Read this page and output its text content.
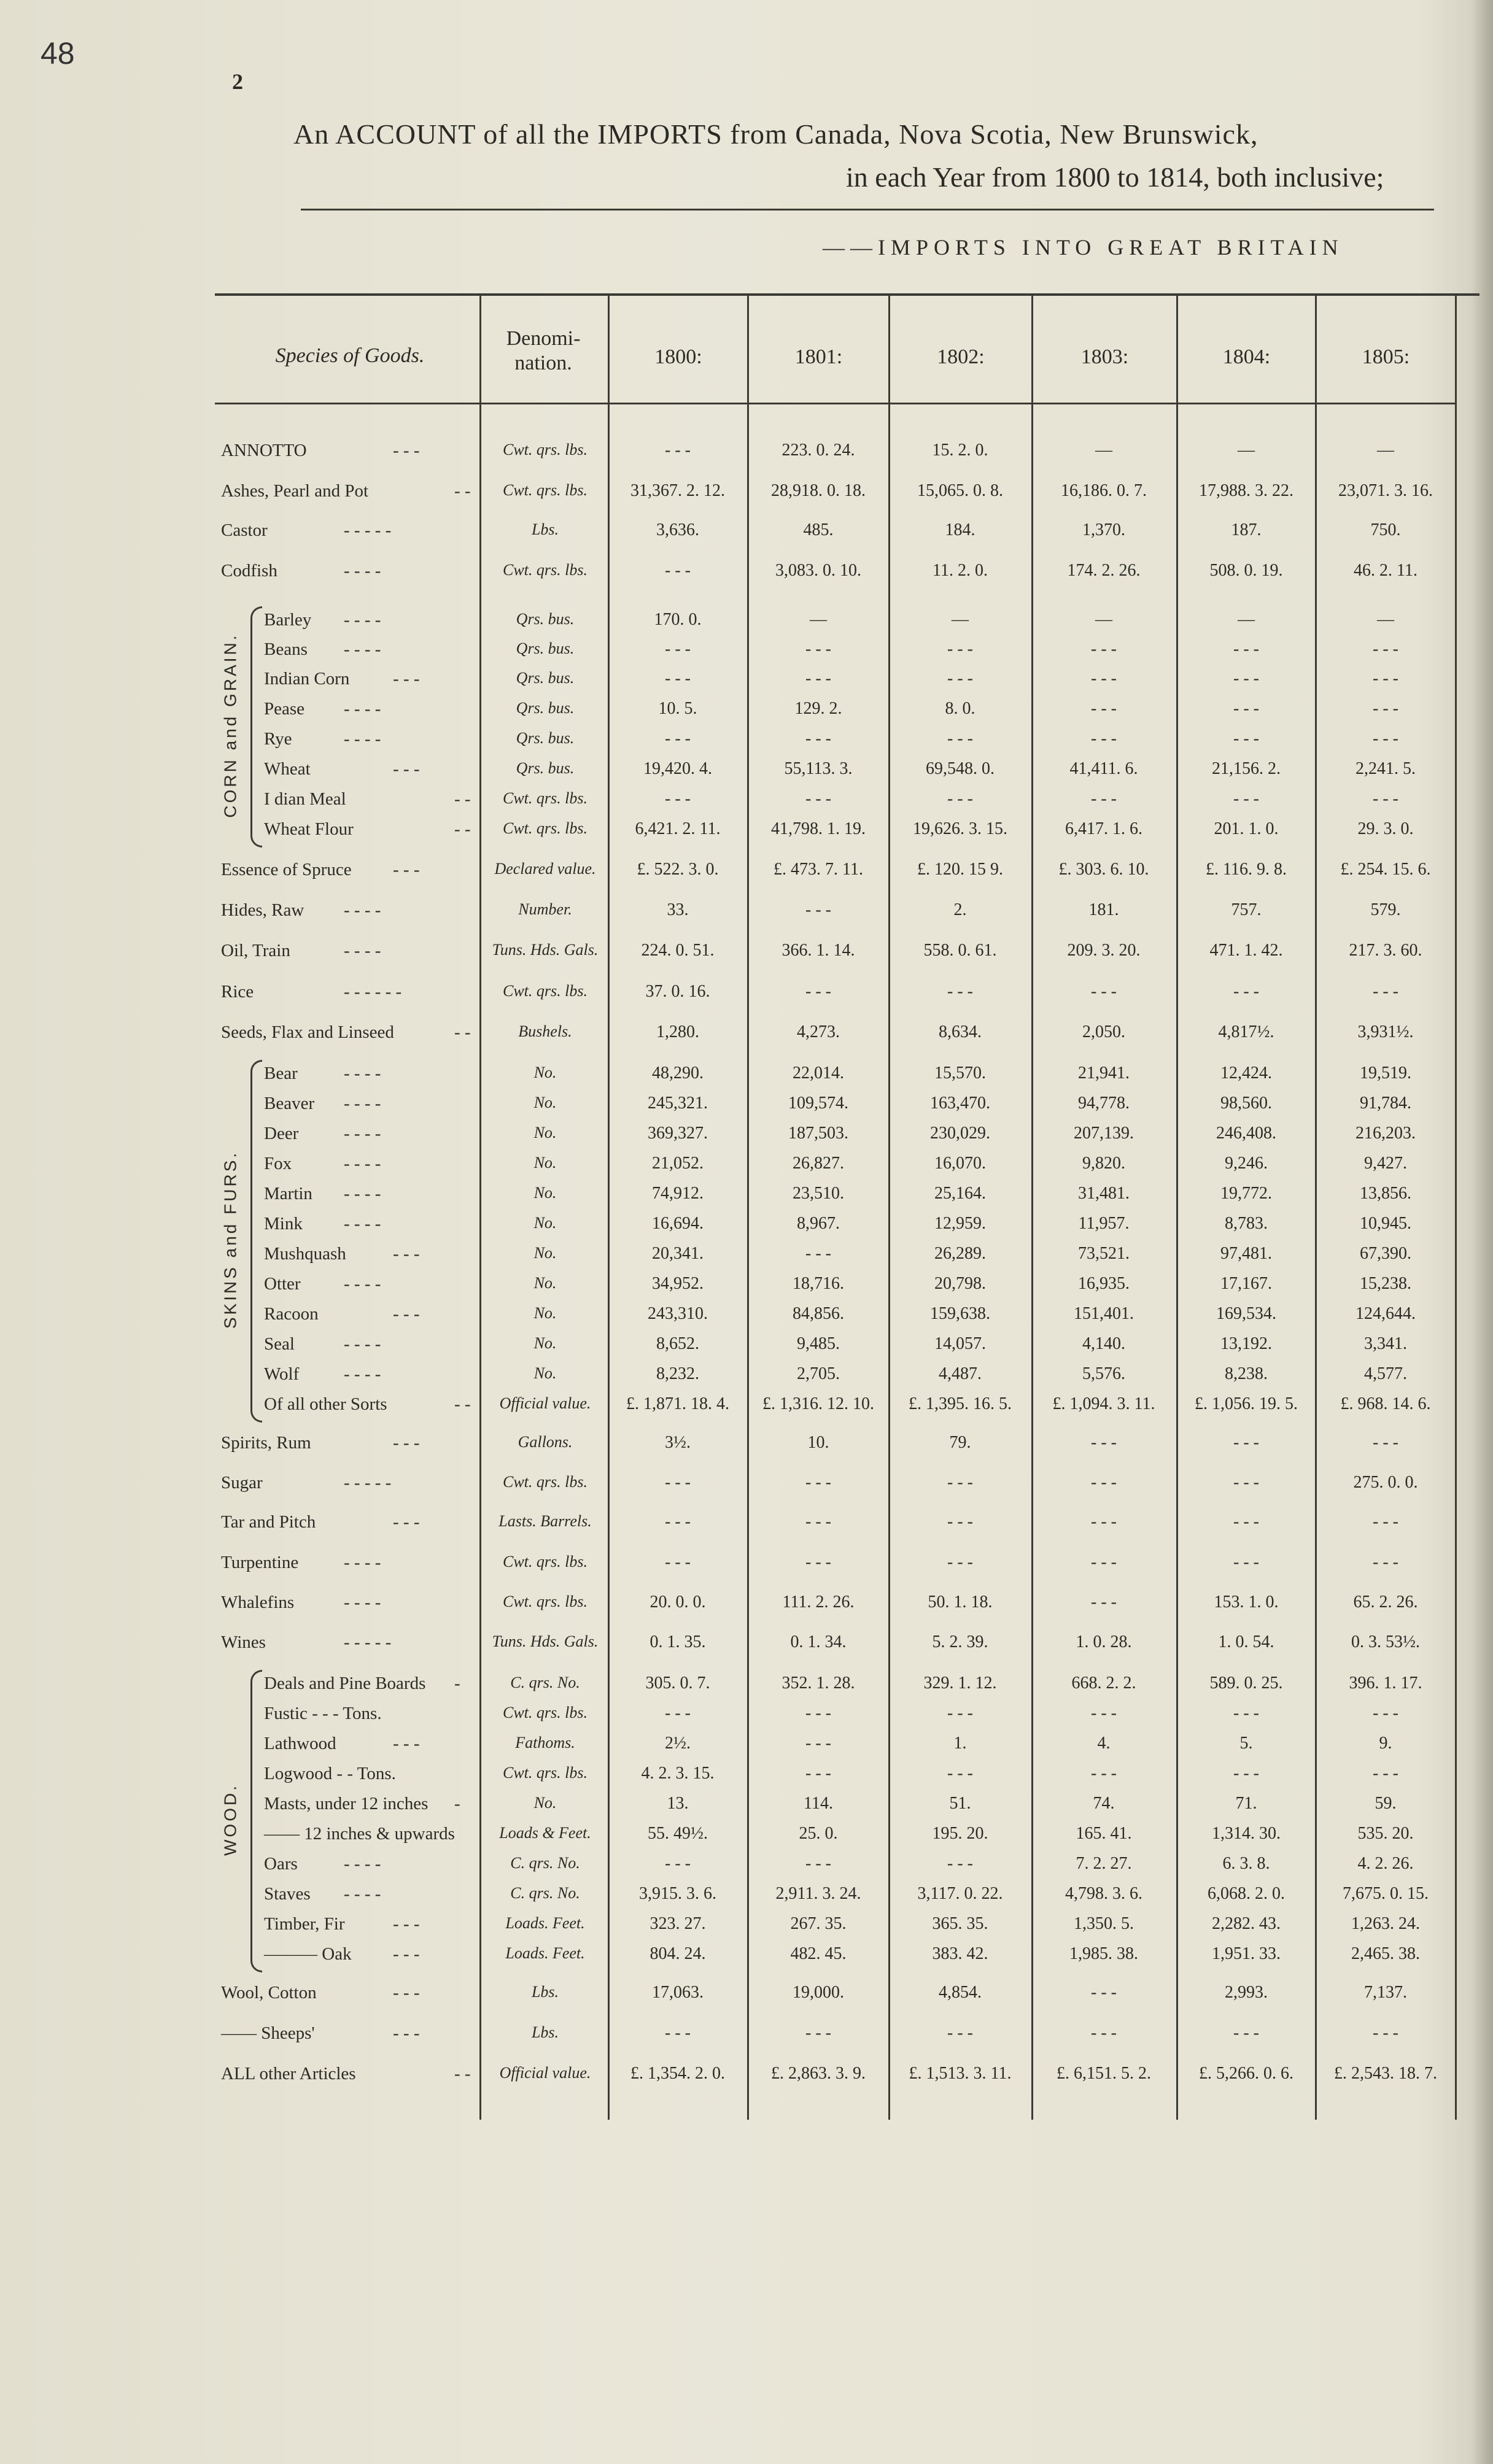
48
2
An ACCOUNT of all the IMPORTS from Canada, Nova Scotia, New Brunswick,
in each Year from 1800 to 1814, both inclusive;
——IMPORTS INTO GREAT BRITAIN
Species of Goods.
Denomi- nation.	1800:	1801:	1802:	1803:	1804:	1805:
ANNOTTO	- - -	Cwt. qrs. lbs.	- - -	223. 0. 24.	15. 2. 0.	—	—	—
Ashes, Pearl and Pot	- -	Cwt. qrs. lbs.	31,367. 2. 12.	28,918. 0. 18.	15,065. 0. 8.	16,186. 0. 7.	17,988. 3. 22.	23,071. 3. 16.
Castor	- - - - -	Lbs.	3,636.	485.	184.	1,370.	187.	750.
Codfish	- - - -	Cwt. qrs. lbs.	- - -	3,083. 0. 10.	11. 2. 0.	174. 2. 26.	508. 0. 19.	46. 2. 11.
Barley - - - -	Qrs. bus.	170. 0.	—	—	—	—	—
Beans - - - -	Qrs. bus.	- - -	- - -	- - -	- - -	- - -	- - -
Indian Corn - - -	Qrs. bus.	- - -	- - -	- - -	- - -	- - -	- - -
Pease - - - -	Qrs. bus.	10. 5.	129. 2.	8. 0.	- - -	- - -	- - -
Rye	- - - -	Qrs. bus.	- - -	- - -	- - -	- - -	- - -	- - -
Wheat	- - -	Qrs. bus.	19,420. 4.	55,113. 3.	69,548. 0.	41,411. 6.	21,156. 2.	2,241. 5.
I dian Meal	- -	Cwt. qrs. lbs.	- - -	- - -	- - -	- - -	- - -	- - -
Wheat Flour	- -	Cwt. qrs. lbs.	6,421. 2. 11.	41,798. 1. 19.	19,626. 3. 15.	6,417. 1. 6.	201. 1. 0.	29. 3. 0.
Essence of Spruce - - -	Declared value.	£. 522. 3. 0.	£. 473. 7. 11.	£. 120. 15 9.	£. 303. 6. 10.	£. 116. 9. 8.	£. 254. 15. 6.
Hides, Raw - - - -	Number.	33.	- - -	2.	181.	757.	579.
Oil, Train	- - - -	Tuns. Hds. Gals.	224. 0. 51.	366. 1. 14.	558. 0. 61.	209. 3. 20.	471. 1. 42.	217. 3. 60.
Rice	- - - - - -	Cwt. qrs. lbs.	37. 0. 16.	- - -	- - -	- - -	- - -	- - -
Seeds, Flax and Linseed	- -	Bushels.	1,280.	4,273.	8,634.	2,050.	4,817½.	3,931½.
Bear	- - - -	No.	48,290.	22,014.	15,570.	21,941.	12,424.	19,519.
Beaver - - - -	No.	245,321.	109,574.	163,470.	94,778.	98,560.	91,784.
Deer	- - - -	No.	369,327.	187,503.	230,029.	207,139.	246,408.	216,203.
Fox	- - - -	No.	21,052.	26,827.	16,070.	9,820.	9,246.	9,427.
Martin - - - -	No.	74,912.	23,510.	25,164.	31,481.	19,772.	13,856.
Mink - - - -	No.	16,694.	8,967.	12,959.	11,957.	8,783.	10,945.
Mushquash	- - -	No.	20,341.	- - -	26,289.	73,521.	97,481.	67,390.
Otter - - - -	No.	34,952.	18,716.	20,798.	16,935.	17,167.	15,238.
Racoon	- - -	No.	243,310.	84,856.	159,638.	151,401.	169,534.	124,644.
Seal	- - - -	No.	8,652.	9,485.	14,057.	4,140.	13,192.	3,341.
Wolf	- - - -	No.	8,232.	2,705.	4,487.	5,576.	8,238.	4,577.
Of all other Sorts	- -	Official value.	£. 1,871. 18. 4.	£. 1,316. 12. 10.	£. 1,395. 16. 5.	£. 1,094. 3. 11.	£. 1,056. 19. 5.	£. 968. 14. 6.
Spirits, Rum	- - -	Gallons.	3½.	10.	79.	- - -	- - -	- - -
Sugar	- - - - -	Cwt. qrs. lbs.	- - -	- - -	- - -	- - -	- - -	275. 0. 0.
Tar and Pitch	- - -	Lasts. Barrels.	- - -	- - -	- - -	- - -	- - -	- - -
Turpentine	- - - -	Cwt. qrs. lbs.	- - -	- - -	- - -	- - -	- - -	- - -
Whalefins	- - - -	Cwt. qrs. lbs.	20. 0. 0.	111. 2. 26.	50. 1. 18.	- - -	153. 1. 0.	65. 2. 26.
Wines	- - - - -	Tuns. Hds. Gals.	0. 1. 35.	0. 1. 34.	5. 2. 39.	1. 0. 28.	1. 0. 54.	0. 3. 53½.
Deals and Pine Boards -	C. qrs. No.	305. 0. 7.	352. 1. 28.	329. 1. 12.	668. 2. 2.	589. 0. 25.	396. 1. 17.
Fustic - - - Tons.	Cwt. qrs. lbs.	- - -	- - -	- - -	- - -	- - -	- - -
Lathwood	- - -	Fathoms.	2½.	- - -	1.	4.	5.	9.
Logwood - - Tons.	Cwt. qrs. lbs.	4. 2. 3. 15.	- - -	- - -	- - -	- - -	- - -
Masts, under 12 inches -	No.	13.	114.	51.	74.	71.	59.
—— 12 inches & upwards	Loads & Feet.	55. 49½.	25. 0.	195. 20.	165. 41.	1,314. 30.	535. 20.
Oars	- - - -	C. qrs. No.	- - -	- - -	- - -	7. 2. 27.	6. 3. 8.	4. 2. 26.
Staves - - - -	C. qrs. No.	3,915. 3. 6.	2,911. 3. 24.	3,117. 0. 22.	4,798. 3. 6.	6,068. 2. 0.	7,675. 0. 15.
Timber, Fir	- - -	Loads. Feet.	323. 27.	267. 35.	365. 35.	1,350. 5.	2,282. 43.	1,263. 24.
——— Oak - - -	Loads. Feet.	804. 24.	482. 45.	383. 42.	1,985. 38.	1,951. 33.	2,465. 38.
Wool, Cotton	- - -	Lbs.	17,063.	19,000.	4,854.	- - -	2,993.	7,137.
—— Sheeps'	- - -	Lbs.	- - -	- - -	- - -	- - -	- - -	- - -
ALL other Articles	- -	Official value.	£. 1,354. 2. 0.	£. 2,863. 3. 9.	£. 1,513. 3. 11.	£. 6,151. 5. 2.	£. 5,266. 0. 6.	£. 2,543. 18. 7.
CORN and GRAIN.
SKINS and FURS.
WOOD.
